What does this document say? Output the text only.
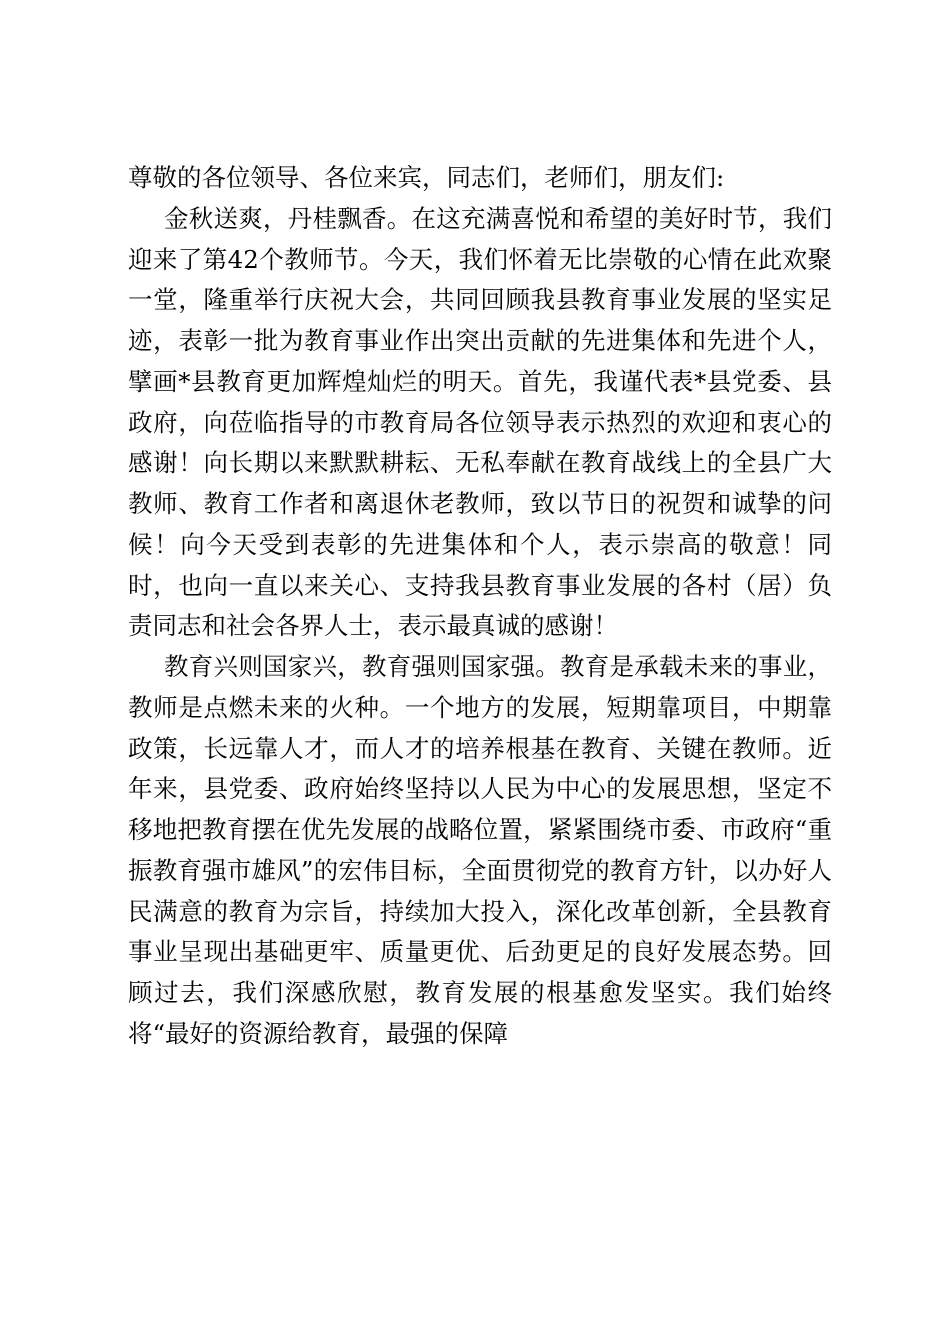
尊敬的各位领导、各位来宾，同志们，老师们，朋友们:

金秋送爽，丹桂飘香。在这充满喜悦和希望的美好时节，我们迎来了第42个教师节。今天，我们怀着无比崇敬的心情在此欢聚一堂，隆重举行庆祝大会，共同回顾我县教育事业发展的坚实足迹，表彰一批为教育事业作出突出贡献的先进集体和先进个人，擘画*县教育更加辉煌灿烂的明天。首先，我谨代表*县党委、县政府，向莅临指导的市教育局各位领导表示热烈的欢迎和衷心的感谢！向长期以来默默耕耘、无私奉献在教育战线上的全县广大教师、教育工作者和离退休老教师，致以节日的祝贺和诚挚的问候！向今天受到表彰的先进集体和个人，表示崇高的敬意！同时，也向一直以来关心、支持我县教育事业发展的各村（居）负责同志和社会各界人士，表示最真诚的感谢！

教育兴则国家兴，教育强则国家强。教育是承载未来的事业，教师是点燃未来的火种。一个地方的发展，短期靠项目，中期靠政策，长远靠人才，而人才的培养根基在教育、关键在教师。近年来，县党委、政府始终坚持以人民为中心的发展思想，坚定不移地把教育摆在优先发展的战略位置，紧紧围绕市委、市政府“重振教育强市雄风”的宏伟目标，全面贯彻党的教育方针，以办好人民满意的教育为宗旨，持续加大投入，深化改革创新，全县教育事业呈现出基础更牢、质量更优、后劲更足的良好发展态势。回顾过去，我们深感欣慰，教育发展的根基愈发坚实。我们始终将“最好的资源给教育，最强的保障
